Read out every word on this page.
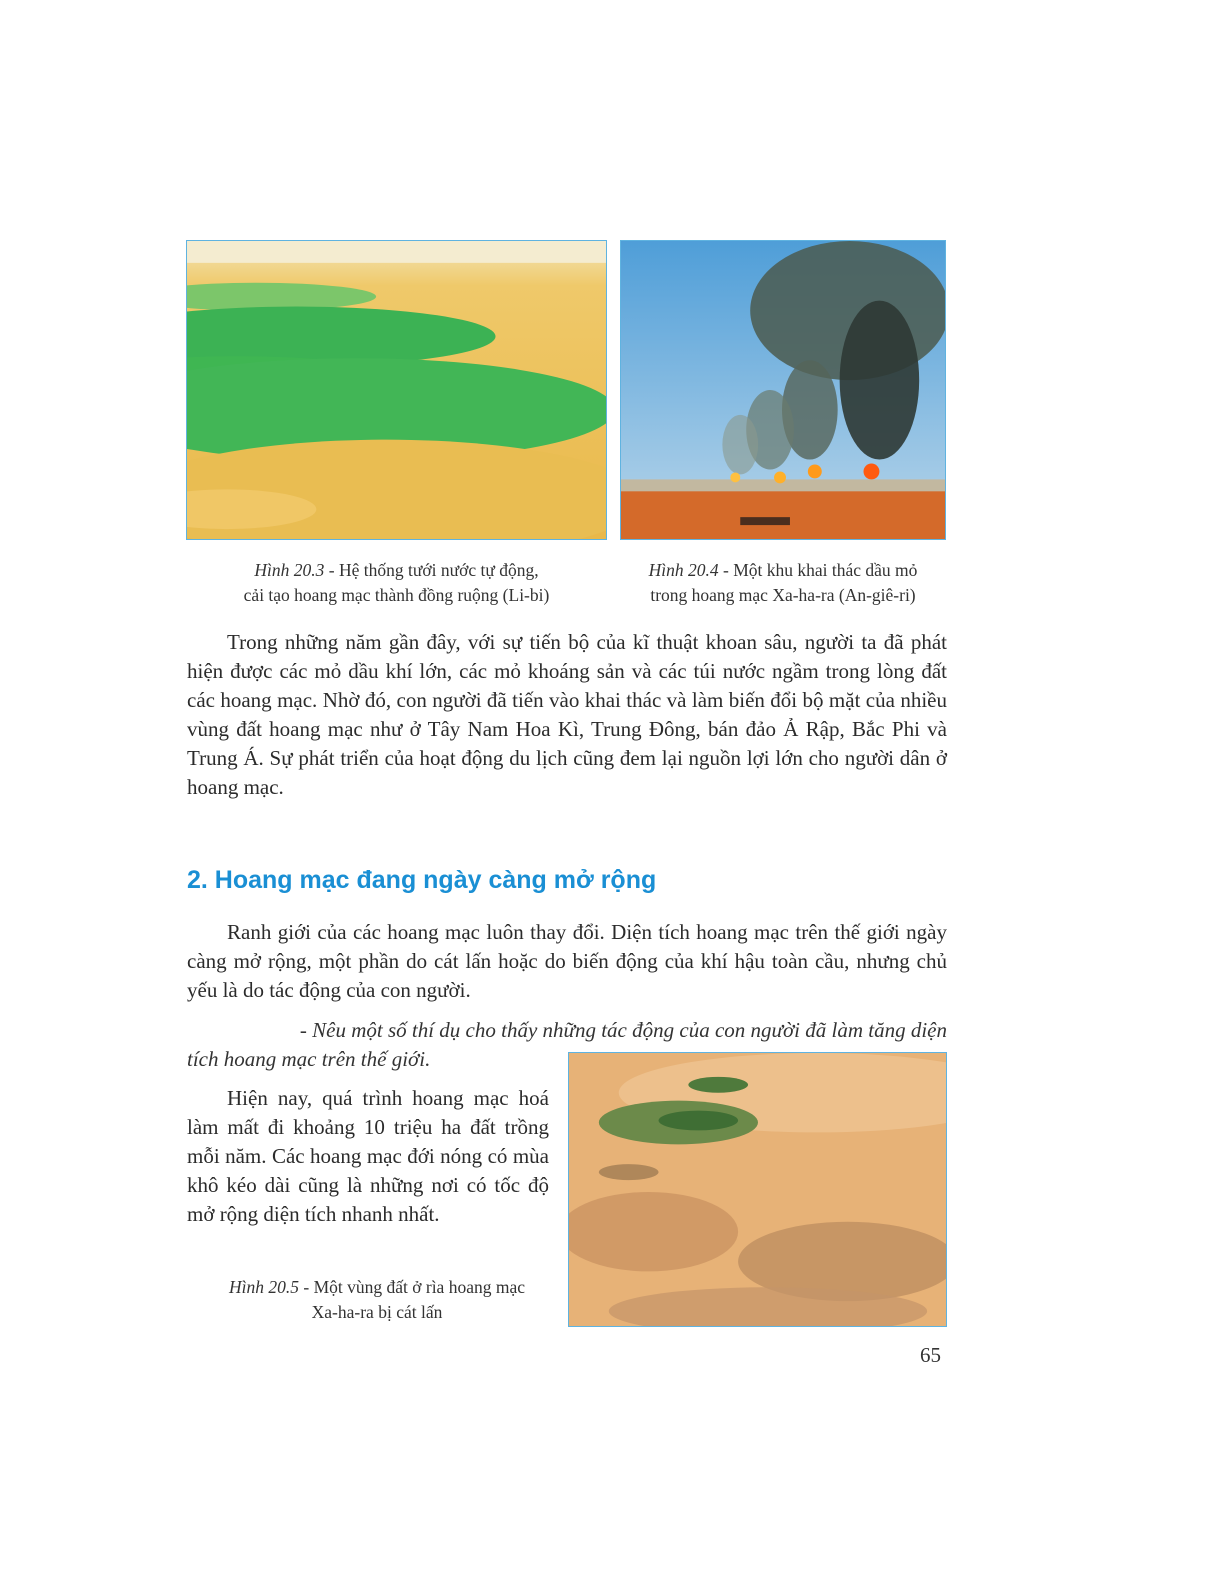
Hình 20.3 - Hệ thống tưới nước tự động,
cải tạo hoang mạc thành đồng ruộng (Li-bi)
Hình 20.4 - Một khu khai thác dầu mỏ
trong hoang mạc Xa-ha-ra (An-giê-ri)
Trong những năm gần đây, với sự tiến bộ của kĩ thuật khoan sâu, người ta đã phát hiện được các mỏ dầu khí lớn, các mỏ khoáng sản và các túi nước ngầm trong lòng đất các hoang mạc. Nhờ đó, con người đã tiến vào khai thác và làm biến đổi bộ mặt của nhiều vùng đất hoang mạc như ở Tây Nam Hoa Kì, Trung Đông, bán đảo Ả Rập, Bắc Phi và Trung Á. Sự phát triển của hoạt động du lịch cũng đem lại nguồn lợi lớn cho người dân ở hoang mạc.
2. Hoang mạc đang ngày càng mở rộng
Ranh giới của các hoang mạc luôn thay đổi. Diện tích hoang mạc trên thế giới ngày càng mở rộng, một phần do cát lấn hoặc do biến động của khí hậu toàn cầu, nhưng chủ yếu là do tác động của con người.
- Nêu một số thí dụ cho thấy những tác động của con người đã làm tăng diện
tích hoang mạc trên thế giới.
Hiện nay, quá trình hoang mạc hoá làm mất đi khoảng 10 triệu ha đất trồng mỗi năm. Các hoang mạc đới nóng có mùa khô kéo dài cũng là những nơi có tốc độ mở rộng diện tích nhanh nhất.
Hình 20.5 - Một vùng đất ở rìa hoang mạc
Xa-ha-ra bị cát lấn
65
